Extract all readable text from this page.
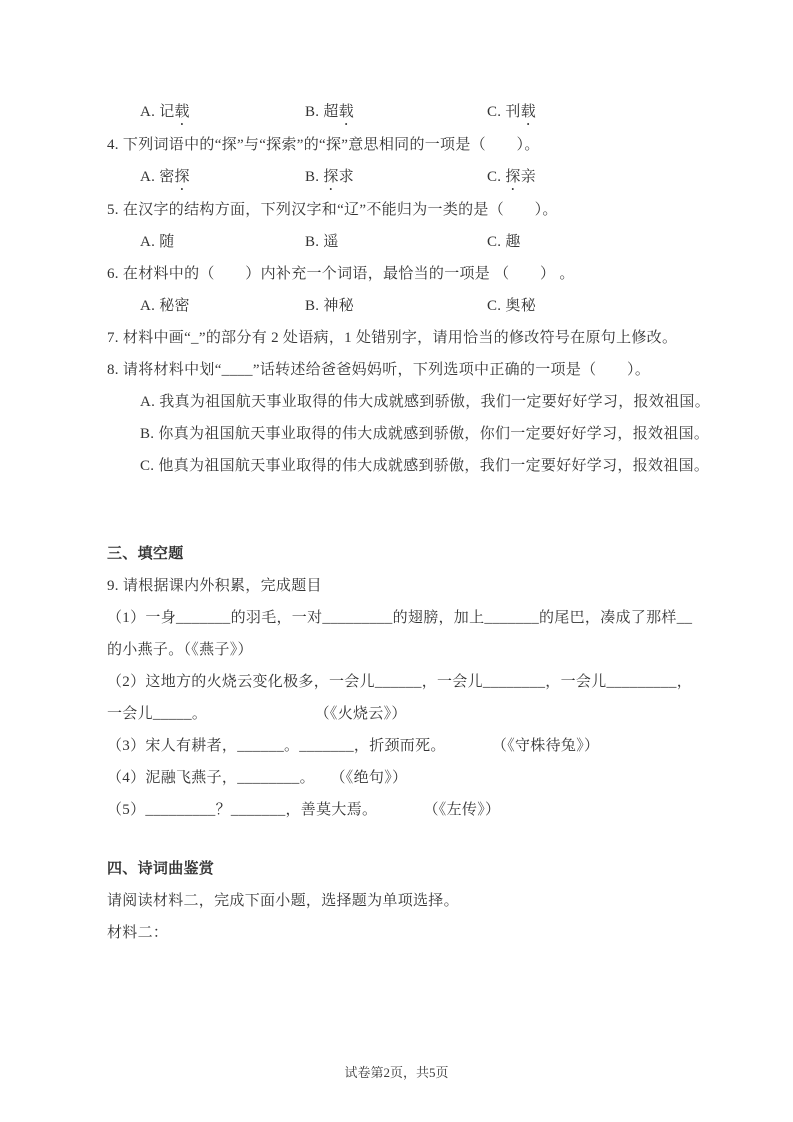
A. 记载	B. 超载	C. 刊载
4. 下列词语中的“探”与“探索”的“探”意思相同的一项是（　　）。
A. 密探	B. 探求	C. 探亲
5. 在汉字的结构方面，下列汉字和“辽”不能归为一类的是（　　）。
A. 随	B. 遥	C. 趣
6. 在材料中的（　　）内补充一个词语，最恰当的一项是 （　　） 。
A. 秘密	B. 神秘	C. 奥秘
7. 材料中画“_”的部分有 2 处语病，1 处错别字，请用恰当的修改符号在原句上修改。
8. 请将材料中划“____”话转述给爸爸妈妈听，下列选项中正确的一项是（　　）。
A. 我真为祖国航天事业取得的伟大成就感到骄傲，我们一定要好好学习，报效祖国。
B. 你真为祖国航天事业取得的伟大成就感到骄傲，你们一定要好好学习，报效祖国。
C. 他真为祖国航天事业取得的伟大成就感到骄傲，我们一定要好好学习，报效祖国。
三、填空题
9. 请根据课内外积累，完成题目
（1）一身_______的羽毛，一对_________的翅膀，加上_______的尾巴，凑成了那样__
的小燕子。（《燕子》）
（2）这地方的火烧云变化极多，一会儿______，一会儿________，一会儿_________，
一会儿_____。　　　　　　　　（《火烧云》）
（3）宋人有耕者，______。_______，折颈而死。　　　　（《守株待兔》）
（4）泥融飞燕子，________。　　（《绝句》）
（5）_________？_______，善莫大焉。　　　　（《左传》）
四、诗词曲鉴赏
请阅读材料二，完成下面小题，选择题为单项选择。
材料二：
试卷第2页，共5页
